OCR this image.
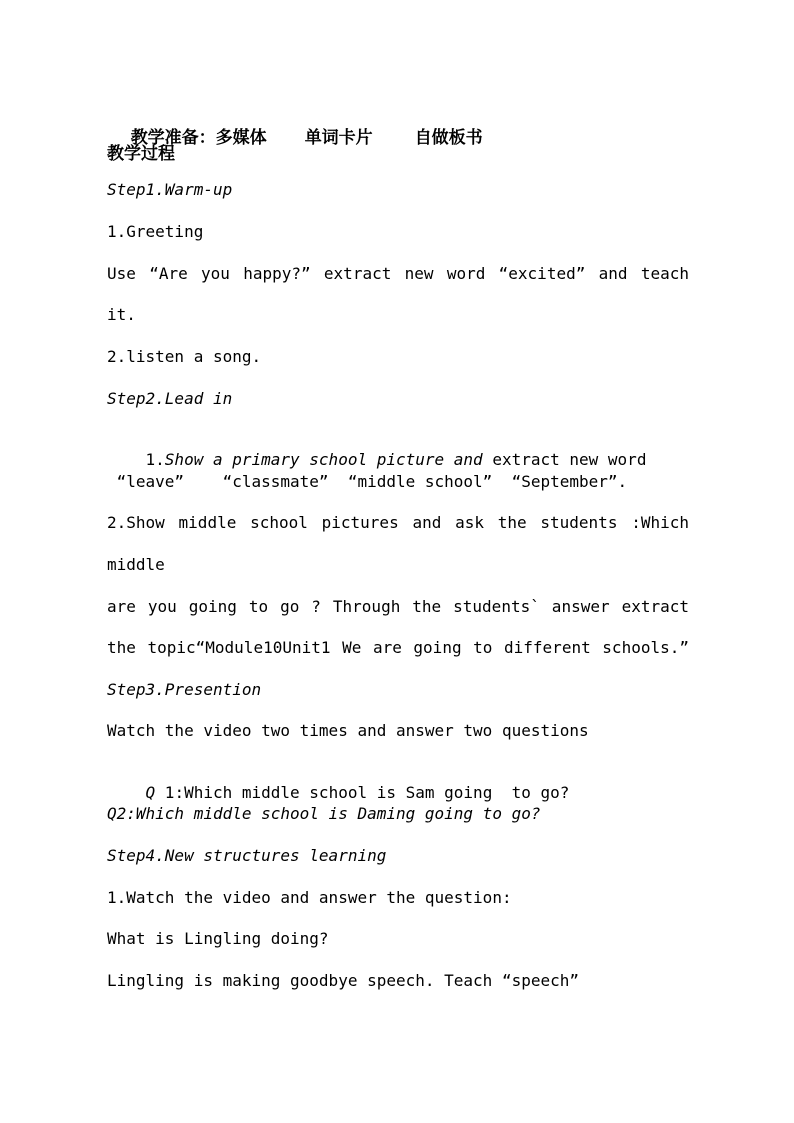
教学准备：多媒体 单词卡片 自做板书

教学过程
Step1.Warm-up
1.Greeting
Use “Are you happy?” extract new word “excited” and teach
it.
2.listen a song.
Step2.Lead in

1.Show a primary school picture and extract new word

“leave”    “classmate”  “middle school”  “September”.
2.Show middle school pictures and ask the students :Which
middle
are you going to go ? Through the students` answer extract
the topic“Module10Unit1 We are going to different schools.”
Step3.Presention
Watch the video two times and answer two questions

Q 1:Which middle school is Sam going  to go?

Q2:Which middle school is Daming going to go?
Step4.New structures learning
1.Watch the video and answer the question:
What is Lingling doing?
Lingling is making goodbye speech. Teach “speech”
